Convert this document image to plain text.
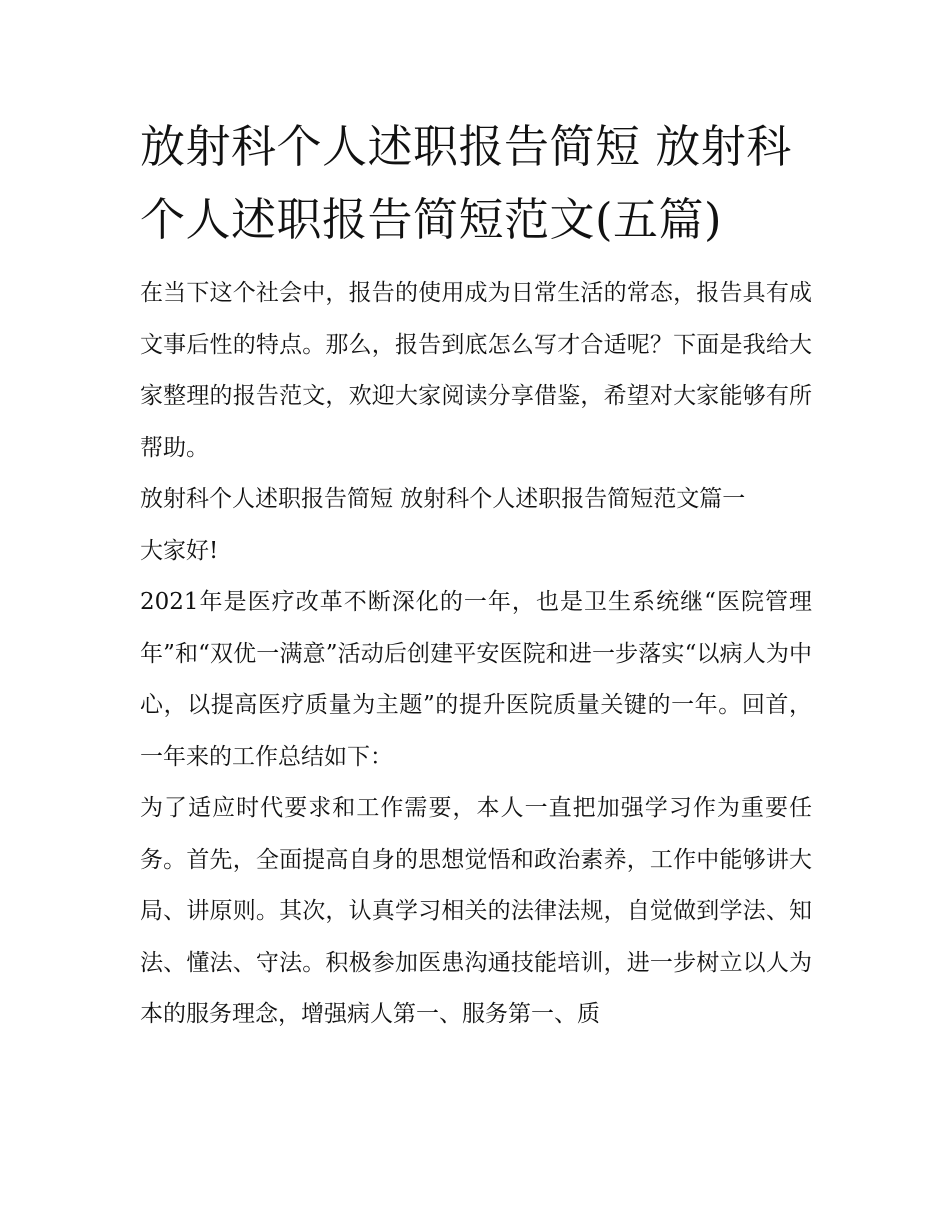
放射科个人述职报告简短 放射科个人述职报告简短范文(五篇)

在当下这个社会中，报告的使用成为日常生活的常态，报告具有成文事后性的特点。那么，报告到底怎么写才合适呢？下面是我给大家整理的报告范文，欢迎大家阅读分享借鉴，希望对大家能够有所帮助。

放射科个人述职报告简短 放射科个人述职报告简短范文篇一

大家好!

2021年是医疗改革不断深化的一年，也是卫生系统继“医院管理年”和“双优一满意”活动后创建平安医院和进一步落实“以病人为中心，以提高医疗质量为主题”的提升医院质量关键的一年。回首，一年来的工作总结如下：

为了适应时代要求和工作需要，本人一直把加强学习作为重要任务。首先，全面提高自身的思想觉悟和政治素养，工作中能够讲大局、讲原则。其次，认真学习相关的法律法规，自觉做到学法、知法、懂法、守法。积极参加医患沟通技能培训，进一步树立以人为本的服务理念，增强病人第一、服务第一、质
